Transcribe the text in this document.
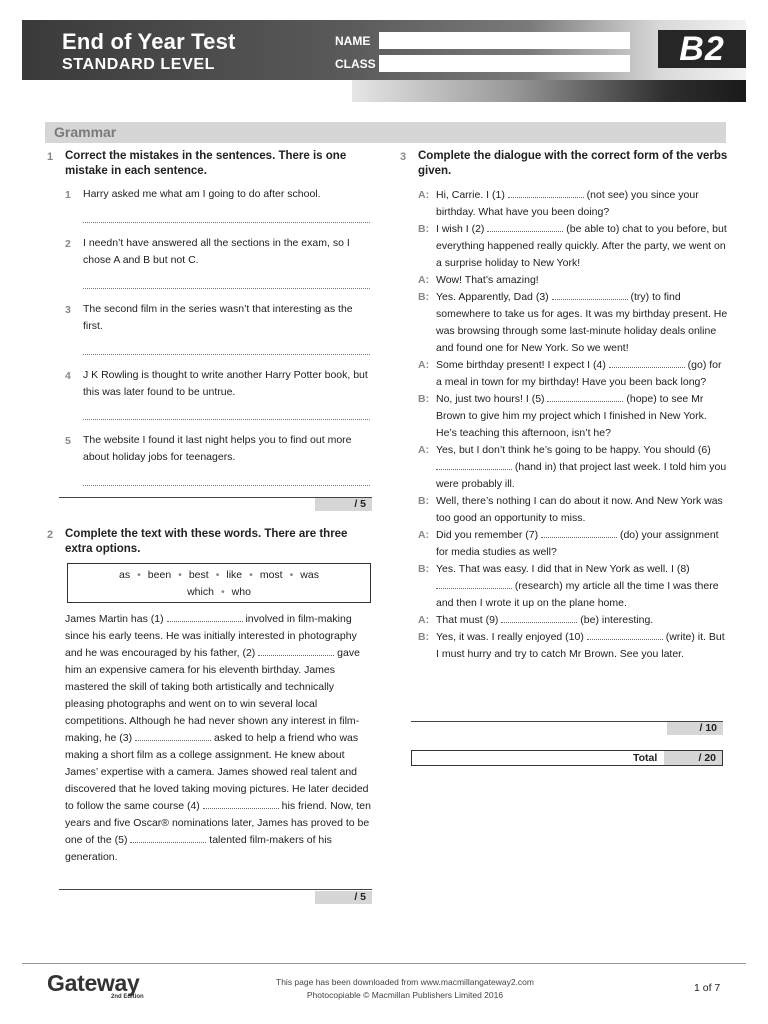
End of Year Test
STANDARD LEVEL
NAME
CLASS	B2
Grammar
1 Correct the mistakes in the sentences. There is one mistake in each sentence.
1 Harry asked me what am I going to do after school.
2 I needn’t have answered all the sections in the exam, so I chose A and B but not C.
3 The second film in the series wasn’t that interesting as the first.
4 J K Rowling is thought to write another Harry Potter book, but this was later found to be untrue.
5 The website I found it last night helps you to find out more about holiday jobs for teenagers.
/ 5
2 Complete the text with these words. There are three extra options.
as • been • best • like • most • was
which • who
James Martin has (1)	involved in film-making since his early teens. He was initially interested in photography and he was encouraged by his father, (2)	gave him an expensive camera for his eleventh birthday. James mastered the skill of taking both artistically and technically pleasing photographs and went on to win several local competitions. Although he had never shown any interest in film-making, he (3)	asked to help a friend who was making a short film as a college assignment. He knew about James’ expertise with a camera. James showed real talent and discovered that he loved taking moving pictures. He later decided to follow the same course (4)	his friend. Now, ten years and five Oscar® nominations later, James has proved to be one of the (5)	talented film-makers of his generation.
/ 5
3 Complete the dialogue with the correct form of the verbs given.
A: Hi, Carrie. I (1)	(not see) you since your birthday. What have you been doing?
B: I wish I (2)	(be able to) chat to you before, but everything happened really quickly. After the party, we went on a surprise holiday to New York!
A: Wow! That’s amazing!
B: Yes. Apparently, Dad (3)	(try) to find somewhere to take us for ages. It was my birthday present. He was browsing through some last-minute holiday deals online and found one for New York. So we went!
A: Some birthday present! I expect I (4)	(go) for a meal in town for my birthday! Have you been back long?
B: No, just two hours! I (5)	(hope) to see Mr Brown to give him my project which I finished in New York. He’s teaching this afternoon, isn’t he?
A: Yes, but I don’t think he’s going to be happy. You should (6)  (hand in) that project last week. I told him you were probably ill.
B: Well, there’s nothing I can do about it now. And New York was too good an opportunity to miss.
A: Did you remember (7)	(do) your assignment for media studies as well?
B: Yes. That was easy. I did that in New York as well. I (8)  (research) my article all the time I was there and then I wrote it up on the plane home.
A: That must (9)	(be) interesting.
B: Yes, it was. I really enjoyed (10)	(write) it. But I must hurry and try to catch Mr Brown. See you later.
/ 10
Total	/ 20
Gateway
2nd Edition
This page has been downloaded from www.macmillangateway2.com
Photocopiable © Macmillan Publishers Limited 2016
1 of 7
